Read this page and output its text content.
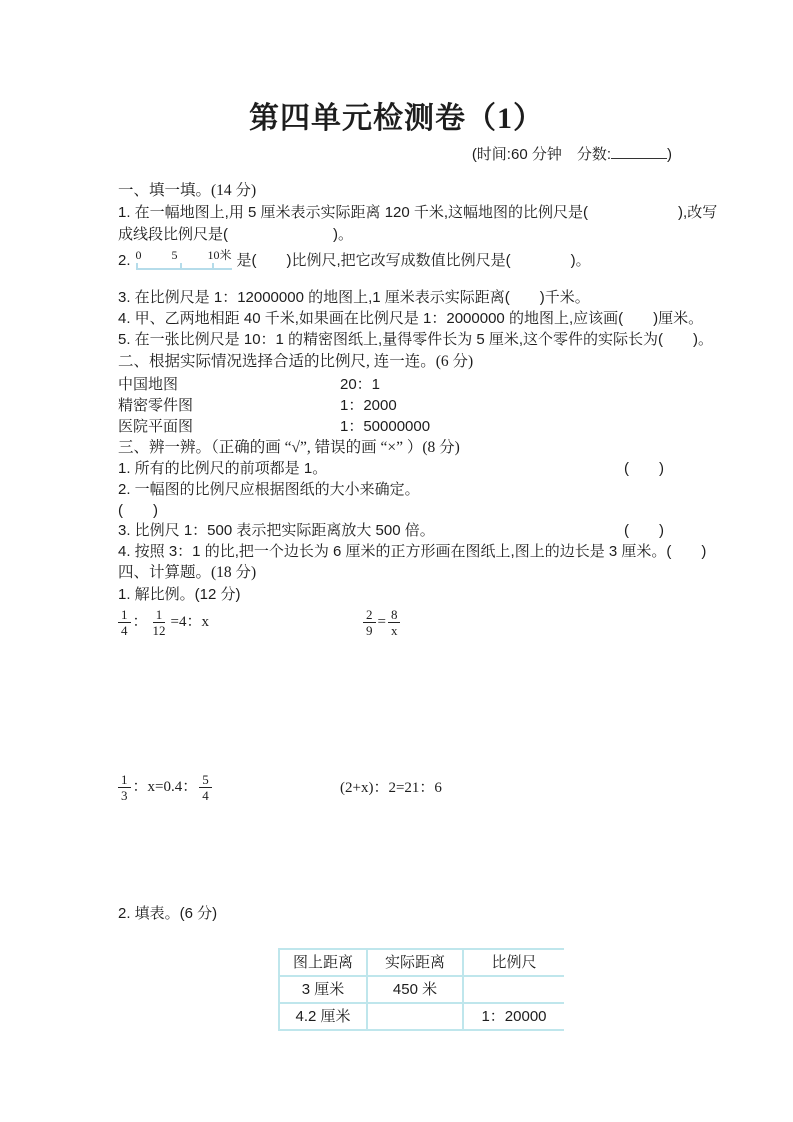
第四单元检测卷（1）
(时间:60 分钟　分数:	)
一、填一填。(14 分)
1. 在一幅地图上,用 5 厘米表示实际距离 120 千米,这幅地图的比例尺是(　　　　　　),改写
成线段比例尺是(　　　　　　　)。
2. 0 5 10米 是(　　)比例尺,把它改写成数值比例尺是(　　　　)。
3. 在比例尺是 1：12000000 的地图上,1 厘米表示实际距离(　　)千米。
4. 甲、乙两地相距 40 千米,如果画在比例尺是 1：2000000 的地图上,应该画(　　)厘米。
5. 在一张比例尺是 10：1 的精密图纸上,量得零件长为 5 厘米,这个零件的实际长为(　　)。
二、根据实际情况选择合适的比例尺, 连一连。(6 分)
中国地图	20：1
精密零件图	1：2000
医院平面图	1：50000000
三、辨一辨。（正确的画 “√”, 错误的画 “×” ）(8 分)
1. 所有的比例尺的前项都是 1。	(　　)
2. 一幅图的比例尺应根据图纸的大小来确定。
(　　)
3. 比例尺 1：500 表示把实际距离放大 500 倍。	(　　)
4. 按照 3：1 的比,把一个边长为 6 厘米的正方形画在图纸上,图上的边长是 3 厘米。 (　　)
四、计算题。(18 分)
1. 解比例。(12 分)
$\frac{1}{4}$ ： $\frac{1}{12} =4$：x	$\frac{2}{9} = \frac{8}{x}$
$\frac{1}{3}$ ：x=0.4： $\frac{5}{4}$	(2+x)：2=21：6
2. 填表。(6 分)
图上距离	实际距离	比例尺
3 厘米	450 米	
4.2 厘米		1：20000
